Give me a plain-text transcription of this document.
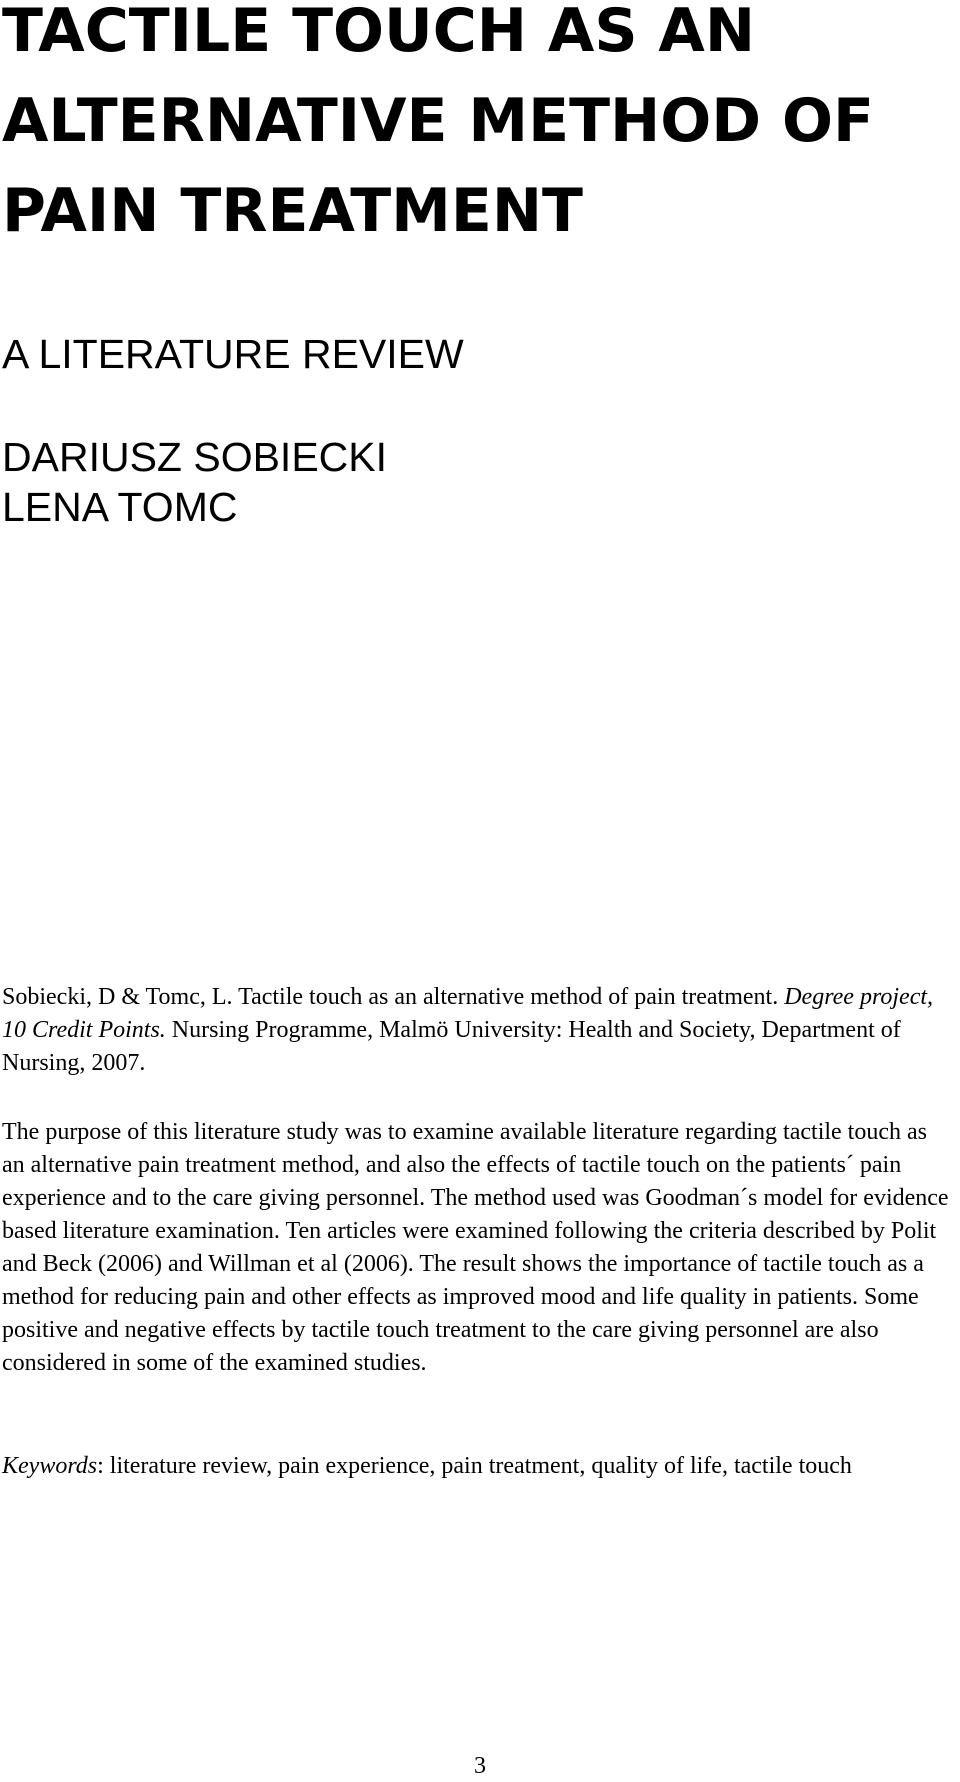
TACTILE TOUCH AS AN
ALTERNATIVE METHOD OF
PAIN TREATMENT
A LITERATURE REVIEW
DARIUSZ SOBIECKI
LENA TOMC

Sobiecki, D & Tomc, L. Tactile touch as an alternative method of pain treatment. Degree project, 10 Credit Points. Nursing Programme, Malmö University: Health and Society, Department of Nursing, 2007.

The purpose of this literature study was to examine available literature regarding tactile touch as an alternative pain treatment method, and also the effects of tactile touch on the patients´ pain experience and to the care giving personnel. The method used was Goodman´s model for evidence based literature examination. Ten articles were examined following the criteria described by Polit and Beck (2006) and Willman et al (2006). The result shows the importance of tactile touch as a method for reducing pain and other effects as improved mood and life quality in patients. Some positive and negative effects by tactile touch treatment to the care giving personnel are also considered in some of the examined studies.

Keywords: literature review, pain experience, pain treatment, quality of life, tactile touch

3
